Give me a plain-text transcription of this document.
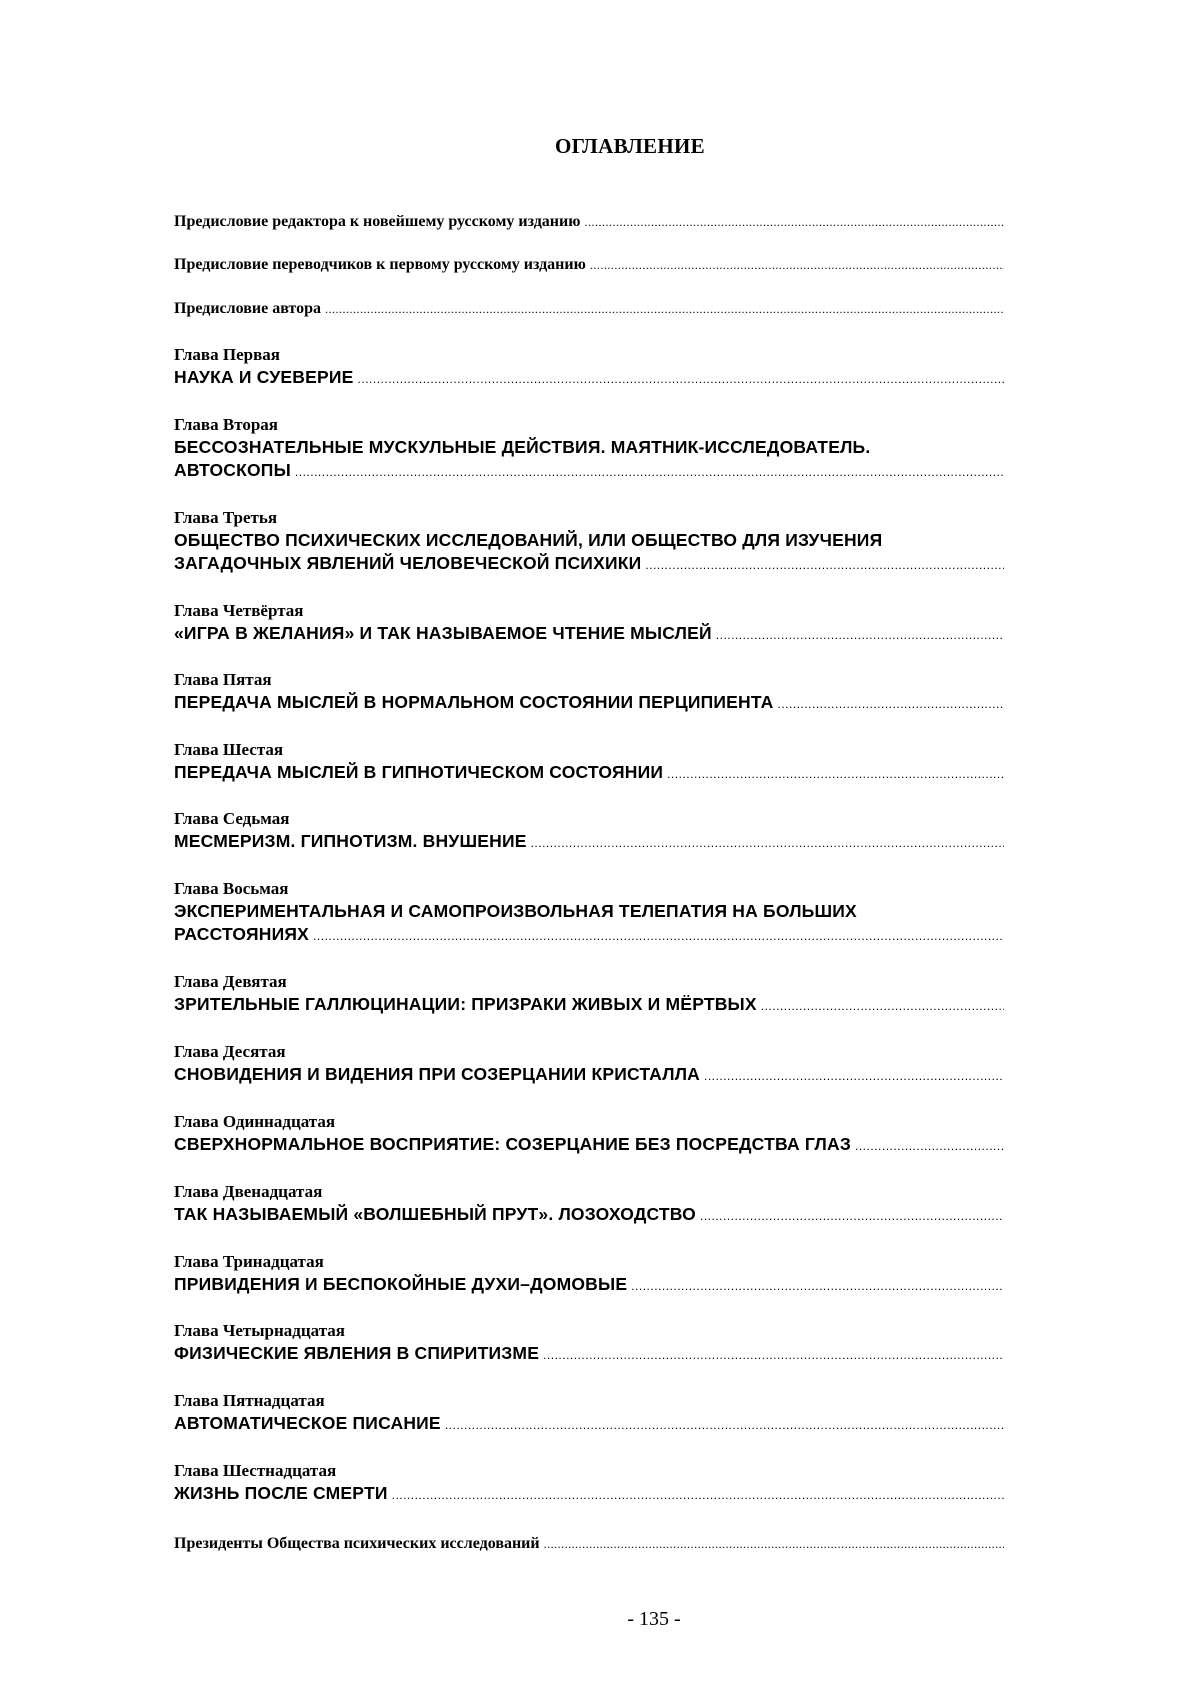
ОГЛАВЛЕНИЕ
Предисловие редактора к новейшему русскому изданию
.....
Предисловие переводчиков к первому русскому изданию
.....
Предисловие автора
.....
Глава Первая
НАУКА И СУЕВЕРИЕ
.....
Глава Вторая
БЕССОЗНАТЕЛЬНЫЕ МУСКУЛЬНЫЕ ДЕЙСТВИЯ. МАЯТНИК-ИССЛЕДОВАТЕЛЬ.
АВТОСКОПЫ
.....
Глава Третья
ОБЩЕСТВО ПСИХИЧЕСКИХ ИССЛЕДОВАНИЙ, ИЛИ ОБЩЕСТВО ДЛЯ ИЗУЧЕНИЯ
ЗАГАДОЧНЫХ ЯВЛЕНИЙ ЧЕЛОВЕЧЕСКОЙ ПСИХИКИ
.....
Глава Четвёртая
«ИГРА В ЖЕЛАНИЯ» И ТАК НАЗЫВАЕМОЕ ЧТЕНИЕ МЫСЛЕЙ
.....
Глава Пятая
ПЕРЕДАЧА МЫСЛЕЙ В НОРМАЛЬНОМ СОСТОЯНИИ ПЕРЦИПИЕНТА
.....
Глава Шестая
ПЕРЕДАЧА МЫСЛЕЙ В ГИПНОТИЧЕСКОМ СОСТОЯНИИ
.....
Глава Седьмая
МЕСМЕРИЗМ. ГИПНОТИЗМ. ВНУШЕНИЕ
.....
Глава Восьмая
ЭКСПЕРИМЕНТАЛЬНАЯ И САМОПРОИЗВОЛЬНАЯ ТЕЛЕПАТИЯ НА БОЛЬШИХ
РАССТОЯНИЯХ
.....
Глава Девятая
ЗРИТЕЛЬНЫЕ ГАЛЛЮЦИНАЦИИ: ПРИЗРАКИ ЖИВЫХ И МЁРТВЫХ
.....
Глава Десятая
СНОВИДЕНИЯ И ВИДЕНИЯ ПРИ СОЗЕРЦАНИИ КРИСТАЛЛА
.....
Глава Одиннадцатая
СВЕРХНОРМАЛЬНОЕ ВОСПРИЯТИЕ: СОЗЕРЦАНИЕ БЕЗ ПОСРЕДСТВА ГЛАЗ
.....
Глава Двенадцатая
ТАК НАЗЫВАЕМЫЙ «ВОЛШЕБНЫЙ ПРУТ». ЛОЗОХОДСТВО
.....
Глава Тринадцатая
ПРИВИДЕНИЯ И БЕСПОКОЙНЫЕ ДУХИ–ДОМОВЫЕ
.....
Глава Четырнадцатая
ФИЗИЧЕСКИЕ ЯВЛЕНИЯ В СПИРИТИЗМЕ
.....
Глава Пятнадцатая
АВТОМАТИЧЕСКОЕ ПИСАНИЕ
.....
Глава Шестнадцатая
ЖИЗНЬ ПОСЛЕ СМЕРТИ
.....
Президенты Общества психических исследований
.....
- 135 -
